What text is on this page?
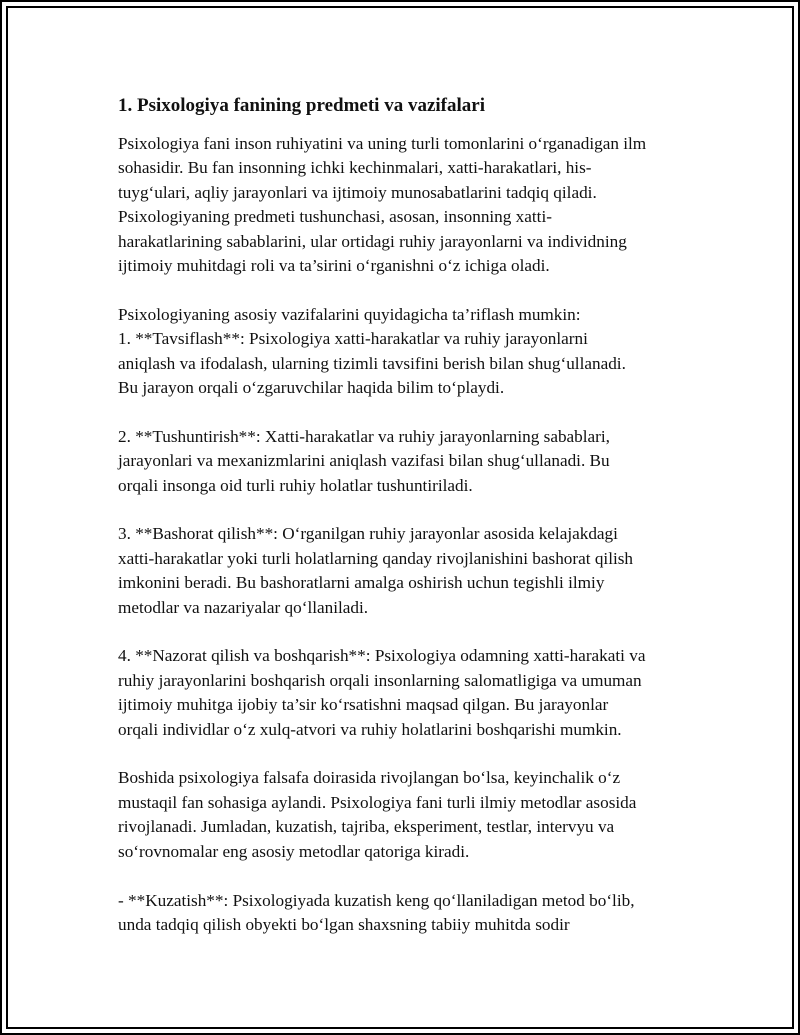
1. Psixologiya fanining predmeti va vazifalari

Psixologiya fani inson ruhiyatini va uning turli tomonlarini o‘rganadigan ilm
sohasidir. Bu fan insonning ichki kechinmalari, xatti-harakatlari, his-
tuyg‘ulari, aqliy jarayonlari va ijtimoiy munosabatlarini tadqiq qiladi.
Psixologiyaning predmeti tushunchasi, asosan, insonning xatti-
harakatlarining sabablarini, ular ortidagi ruhiy jarayonlarni va individning
ijtimoiy muhitdagi roli va ta’sirini o‘rganishni o‘z ichiga oladi.

Psixologiyaning asosiy vazifalarini quyidagicha ta’riflash mumkin:
1. **Tavsiflash**: Psixologiya xatti-harakatlar va ruhiy jarayonlarni
aniqlash va ifodalash, ularning tizimli tavsifini berish bilan shug‘ullanadi.
Bu jarayon orqali o‘zgaruvchilar haqida bilim to‘playdi.

2. **Tushuntirish**: Xatti-harakatlar va ruhiy jarayonlarning sabablari,
jarayonlari va mexanizmlarini aniqlash vazifasi bilan shug‘ullanadi. Bu
orqali insonga oid turli ruhiy holatlar tushuntiriladi.

3. **Bashorat qilish**: O‘rganilgan ruhiy jarayonlar asosida kelajakdagi
xatti-harakatlar yoki turli holatlarning qanday rivojlanishini bashorat qilish
imkonini beradi. Bu bashoratlarni amalga oshirish uchun tegishli ilmiy
metodlar va nazariyalar qo‘llaniladi.

4. **Nazorat qilish va boshqarish**: Psixologiya odamning xatti-harakati va
ruhiy jarayonlarini boshqarish orqali insonlarning salomatligiga va umuman
ijtimoiy muhitga ijobiy ta’sir ko‘rsatishni maqsad qilgan. Bu jarayonlar
orqali individlar o‘z xulq-atvori va ruhiy holatlarini boshqarishi mumkin.

Boshida psixologiya falsafa doirasida rivojlangan bo‘lsa, keyinchalik o‘z
mustaqil fan sohasiga aylandi. Psixologiya fani turli ilmiy metodlar asosida
rivojlanadi. Jumladan, kuzatish, tajriba, eksperiment, testlar, intervyu va
so‘rovnomalar eng asosiy metodlar qatoriga kiradi.

- **Kuzatish**: Psixologiyada kuzatish keng qo‘llaniladigan metod bo‘lib,
unda tadqiq qilish obyekti bo‘lgan shaxsning tabiiy muhitda sodir
